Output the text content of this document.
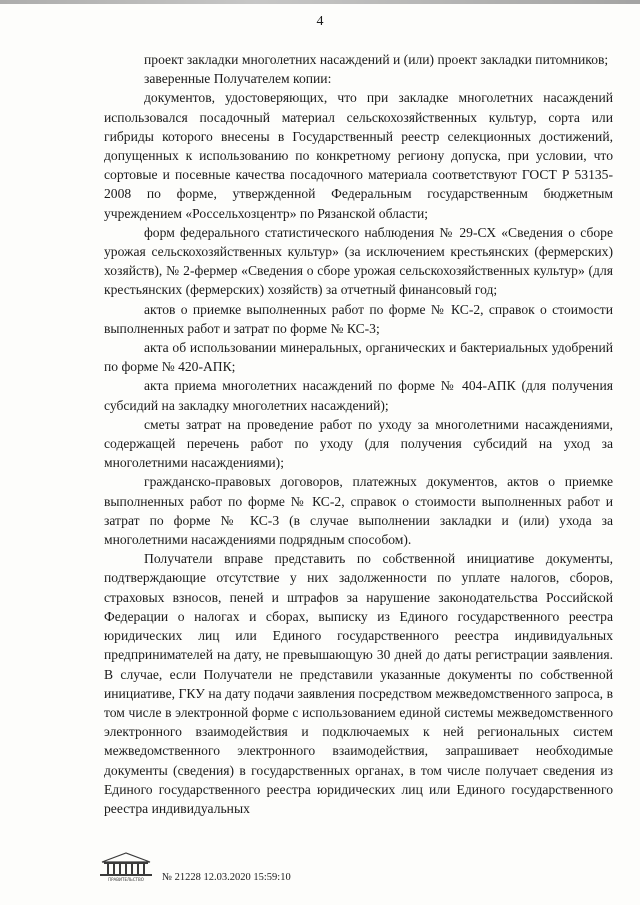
4

проект закладки многолетних насаждений и (или) проект закладки питомников;

заверенные Получателем копии:

документов, удостоверяющих, что при закладке многолетних насаждений использовался посадочный материал сельскохозяйственных культур, сорта или гибриды которого внесены в Государственный реестр селекционных достижений, допущенных к использованию по конкретному региону допуска, при условии, что сортовые и посевные качества посадочного материала соответствуют ГОСТ Р 53135-2008 по форме, утвержденной Федеральным государственным бюджетным учреждением «Россельхозцентр» по Рязанской области;

форм федерального статистического наблюдения № 29-СХ «Сведения о сборе урожая сельскохозяйственных культур» (за исключением крестьянских (фермерских) хозяйств), № 2-фермер «Сведения о сборе урожая сельскохозяйственных культур» (для крестьянских (фермерских) хозяйств) за отчетный финансовый год;

актов о приемке выполненных работ по форме № КС-2, справок о стоимости выполненных работ и затрат по форме № КС-3;

акта об использовании минеральных, органических и бактериальных удобрений по форме № 420-АПК;

акта приема многолетних насаждений по форме № 404-АПК (для получения субсидий на закладку многолетних насаждений);

сметы затрат на проведение работ по уходу за многолетними насаждениями, содержащей перечень работ по уходу (для получения субсидий на уход за многолетними насаждениями);

гражданско-правовых договоров, платежных документов, актов о приемке выполненных работ по форме № КС-2, справок о стоимости выполненных работ и затрат по форме № КС-3 (в случае выполнении закладки и (или) ухода за многолетними насаждениями подрядным способом).

Получатели вправе представить по собственной инициативе документы, подтверждающие отсутствие у них задолженности по уплате налогов, сборов, страховых взносов, пеней и штрафов за нарушение законодательства Российской Федерации о налогах и сборах, выписку из Единого государственного реестра юридических лиц или Единого государственного реестра индивидуальных предпринимателей на дату, не превышающую 30 дней до даты регистрации заявления. В случае, если Получатели не представили указанные документы по собственной инициативе, ГКУ на дату подачи заявления посредством межведомственного запроса, в том числе в электронной форме с использованием единой системы межведомственного электронного взаимодействия и подключаемых к ней региональных систем межведомственного электронного взаимодействия, запрашивает необходимые документы (сведения) в государственных органах, в том числе получает сведения из Единого государственного реестра юридических лиц или Единого государственного реестра индивидуальных

ПРАВИТЕЛЬСТВО № 21228 12.03.2020 15:59:10
